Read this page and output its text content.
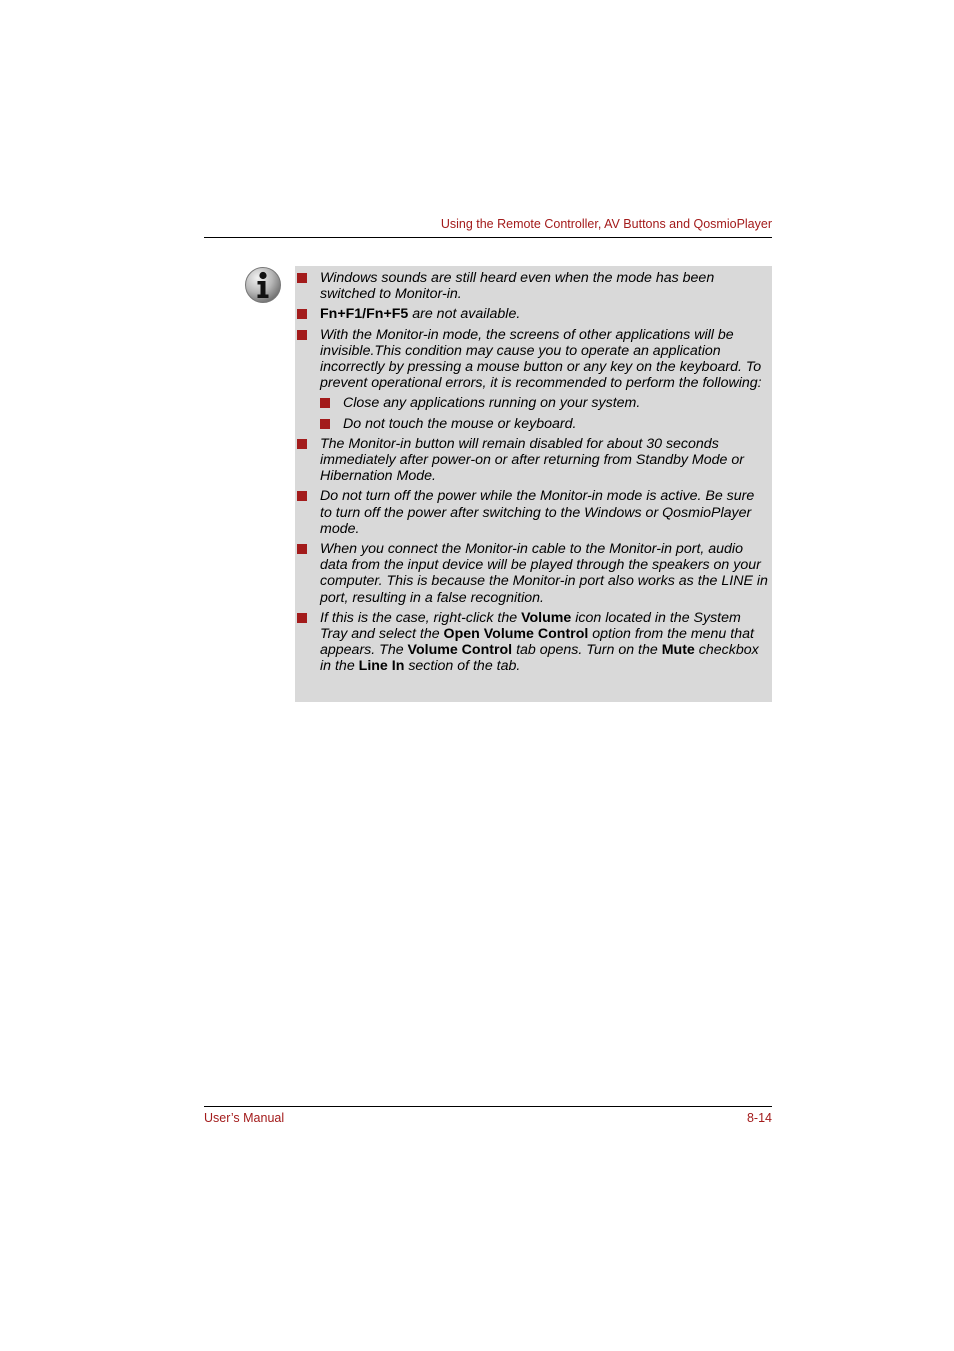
Using the Remote Controller, AV Buttons and QosmioPlayer
Windows sounds are still heard even when the mode has been switched to Monitor-in.
Fn+F1/Fn+F5 are not available.
With the Monitor-in mode, the screens of other applications will be invisible.This condition may cause you to operate an application incorrectly by pressing a mouse button or any key on the keyboard. To prevent operational errors, it is recommended to perform the following:
Close any applications running on your system.
Do not touch the mouse or keyboard.
The Monitor-in button will remain disabled for about 30 seconds immediately after power-on or after returning from Standby Mode or Hibernation Mode.
Do not turn off the power while the Monitor-in mode is active. Be sure to turn off the power after switching to the Windows or QosmioPlayer mode.
When you connect the Monitor-in cable to the Monitor-in port, audio data from the input device will be played through the speakers on your computer. This is because the Monitor-in port also works as the LINE in port, resulting in a false recognition.
If this is the case, right-click the Volume icon located in the System Tray and select the Open Volume Control option from the menu that appears. The Volume Control tab opens. Turn on the Mute checkbox in the Line In section of the tab.
User’s Manual	8-14
